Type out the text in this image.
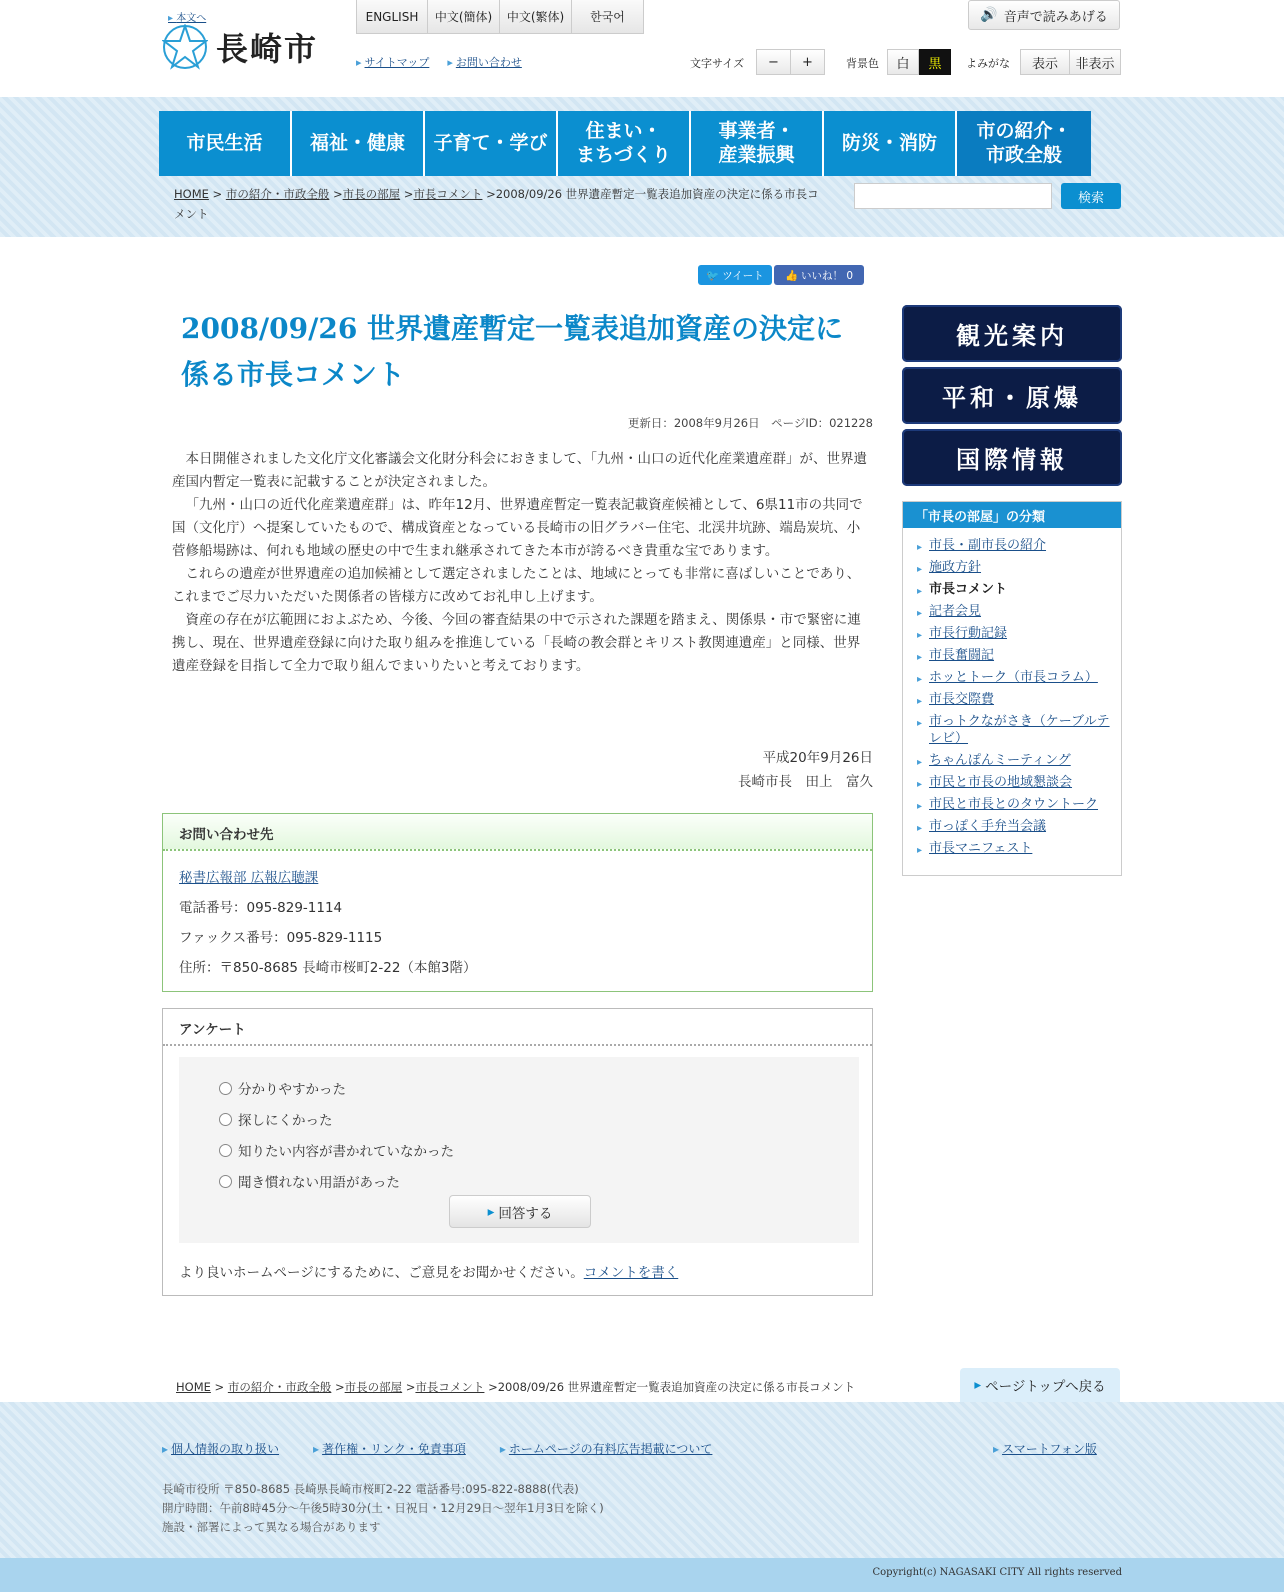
▸ 本文へ
長崎市
ENGLISH	中文(簡体)	中文(繁体)	한국어
▸ サイトマップ	▸ お問い合わせ
🔊 音声で読みあげる
文字サイズ	−	+	背景色	白	黒	よみがな	表示	非表示
市民生活	福祉・健康	子育て・学び
住まい・
まちづくり
事業者・
産業振興
防災・消防
市の紹介・
市政全般
HOME > 市の紹介・市政全般 >市長の部屋 >市長コメント >2008/09/26 世界遺産暫定一覧表追加資産の決定に係る市長コメント
検索
🐦 ツイート 👍 いいね！ 0
2008/09/26 世界遺産暫定一覧表追加資産の決定に係る市長コメント
更新日：2008年9月26日　ページID：021228

本日開催されました文化庁文化審議会文化財分科会におきまして、「九州・山口の近代化産業遺産群」が、世界遺産国内暫定一覧表に記載することが決定されました。

「九州・山口の近代化産業遺産群」は、昨年12月、世界遺産暫定一覧表記載資産候補として、6県11市の共同で国（文化庁）へ提案していたもので、構成資産となっている長崎市の旧グラバー住宅、北渓井坑跡、端島炭坑、小菅修船場跡は、何れも地域の歴史の中で生まれ継承されてきた本市が誇るべき貴重な宝であります。

これらの遺産が世界遺産の追加候補として選定されましたことは、地域にとっても非常に喜ばしいことであり、これまでご尽力いただいた関係者の皆様方に改めてお礼申し上げます。

資産の存在が広範囲におよぶため、今後、今回の審査結果の中で示された課題を踏まえ、関係県・市で緊密に連携し、現在、世界遺産登録に向けた取り組みを推進している「長崎の教会群とキリスト教関連遺産」と同様、世界遺産登録を目指して全力で取り組んでまいりたいと考えております。

平成20年9月26日
長崎市長　田上　富久
お問い合わせ先
秘書広報部 広報広聴課
電話番号：095-829-1114
ファックス番号：095-829-1115
住所：〒850-8685 長崎市桜町2-22（本館3階）
アンケート
分かりやすかった
探しにくかった
知りたい内容が書かれていなかった
聞き慣れない用語があった
▸ 回答する
より良いホームページにするために、ご意見をお聞かせください。コメントを書く
観光案内
平和・原爆
国際情報
「市長の部屋」の分類
▸ 市長・副市長の紹介
▸ 施政方針
▸ 市長コメント
▸ 記者会見
▸ 市長行動記録
▸ 市長奮闘記
▸ ホッとトーク（市長コラム）
▸ 市長交際費
▸ 市っトクながさき（ケーブルテレビ）
▸ ちゃんぽんミーティング
▸ 市民と市長の地域懇談会
▸ 市民と市長とのタウントーク
▸ 市っぽく手弁当会議
▸ 市長マニフェスト
HOME > 市の紹介・市政全般 >市長の部屋 >市長コメント >2008/09/26 世界遺産暫定一覧表追加資産の決定に係る市長コメント	▸ ページトップへ戻る
▸ 個人情報の取り扱い	▸ 著作権・リンク・免責事項	▸ ホームページの有料広告掲載について	▸ スマートフォン版
長崎市役所 〒850-8685 長崎県長崎市桜町2-22 電話番号:095-822-8888(代表)
開庁時間：午前8時45分～午後5時30分(土・日祝日・12月29日～翌年1月3日を除く)
施設・部署によって異なる場合があります
Copyright(c) NAGASAKI CITY All rights reserved
